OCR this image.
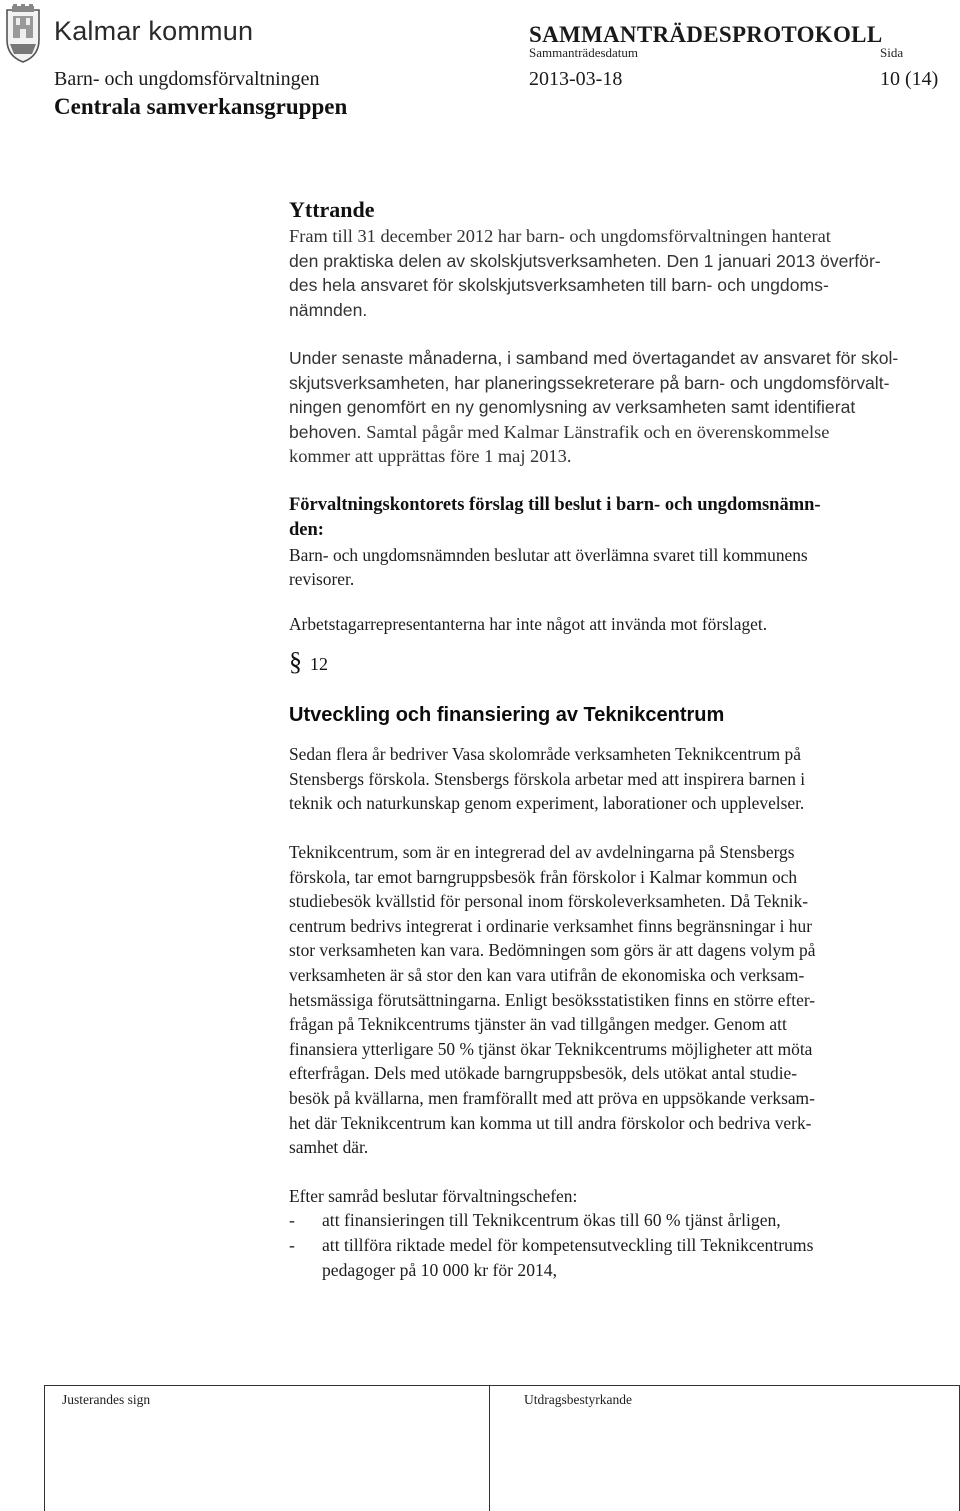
Kalmar kommun	SAMMANTRÄDESPROTOKOLL
Sammanträdesdatum	Sida
Barn- och ungdomsförvaltningen	2013-03-18	10 (14)
Centrala samverkansgruppen
Yttrande

Fram till 31 december 2012 har barn- och ungdomsförvaltningen hanterat
den praktiska delen av skolskjutsverksamheten. Den 1 januari 2013 överför-
des hela ansvaret för skolskjutsverksamheten till barn- och ungdoms-
nämnden.

Under senaste månaderna, i samband med övertagandet av ansvaret för skol-
skjutsverksamheten, har planeringssekreterare på barn- och ungdomsförvalt-
ningen genomfört en ny genomlysning av verksamheten samt identifierat
behoven. Samtal pågår med Kalmar Länstrafik och en överenskommelse
kommer att upprättas före 1 maj 2013.

Förvaltningskontorets förslag till beslut i barn- och ungdomsnämn-
den:

Barn- och ungdomsnämnden beslutar att överlämna svaret till kommunens
revisorer.

Arbetstagarrepresentanterna har inte något att invända mot förslaget.

§ 12
Utveckling och finansiering av Teknikcentrum

Sedan flera år bedriver Vasa skolområde verksamheten Teknikcentrum på
Stensbergs förskola. Stensbergs förskola arbetar med att inspirera barnen i
teknik och naturkunskap genom experiment, laborationer och upplevelser.

Teknikcentrum, som är en integrerad del av avdelningarna på Stensbergs
förskola, tar emot barngruppsbesök från förskolor i Kalmar kommun och
studiebesök kvällstid för personal inom förskoleverksamheten. Då Teknik-
centrum bedrivs integrerat i ordinarie verksamhet finns begränsningar i hur
stor verksamheten kan vara. Bedömningen som görs är att dagens volym på
verksamheten är så stor den kan vara utifrån de ekonomiska och verksam-
hetsmässiga förutsättningarna. Enligt besöksstatistiken finns en större efter-
frågan på Teknikcentrums tjänster än vad tillgången medger. Genom att
finansiera ytterligare 50 % tjänst ökar Teknikcentrums möjligheter att möta
efterfrågan. Dels med utökade barngruppsbesök, dels utökat antal studie-
besök på kvällarna, men framförallt med att pröva en uppsökande verksam-
het där Teknikcentrum kan komma ut till andra förskolor och bedriva verk-
samhet där.

Efter samråd beslutar förvaltningschefen:

-	att finansieringen till Teknikcentrum ökas till 60 % tjänst årligen,
-	att tillföra riktade medel för kompetensutveckling till Teknikcentrums
pedagoger på 10 000 kr för 2014,
Justerandes sign	Utdragsbestyrkande
